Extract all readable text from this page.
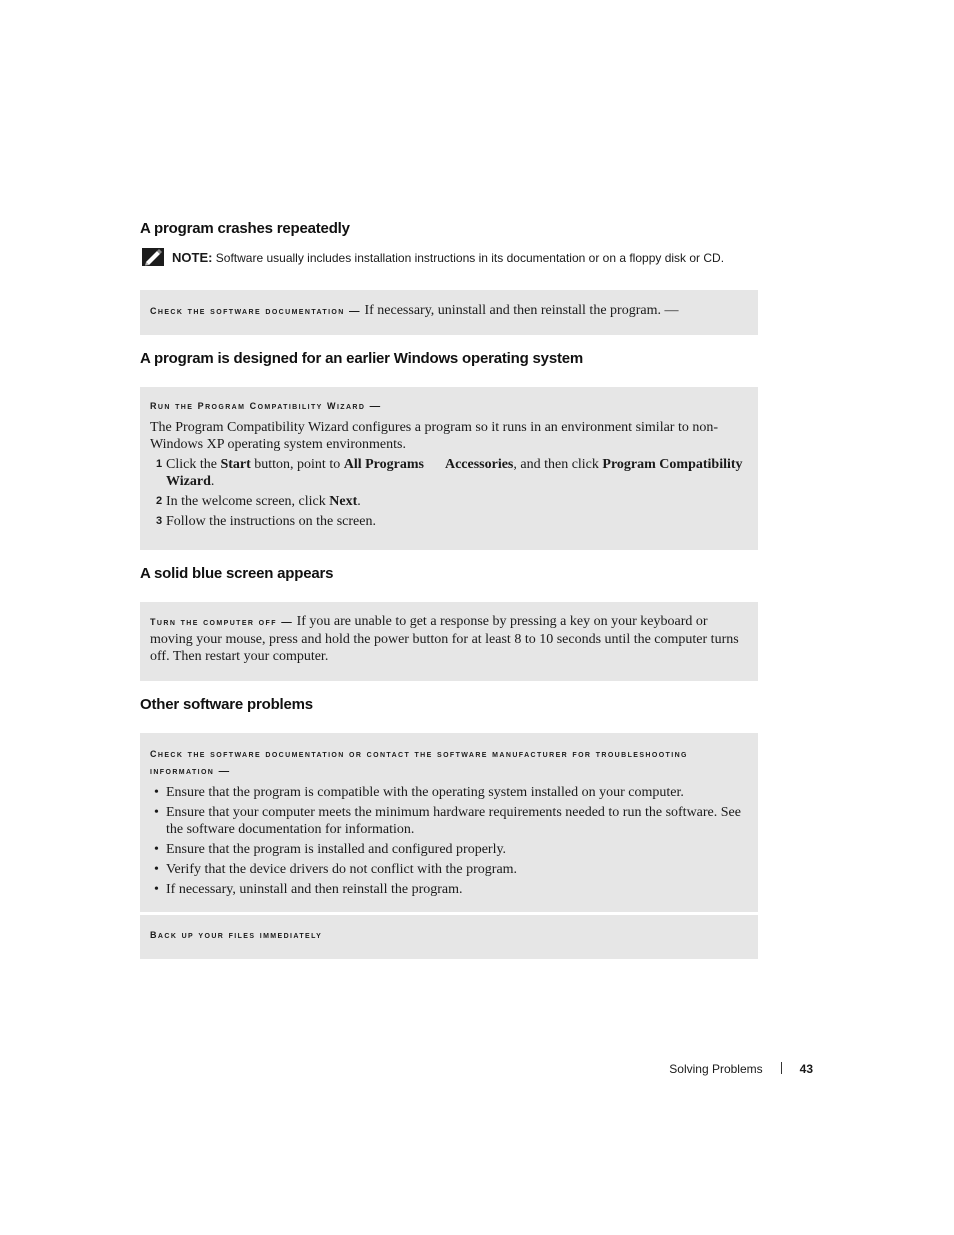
A program crashes repeatedly
NOTE: Software usually includes installation instructions in its documentation or on a floppy disk or CD.
check the software documentation — If necessary, uninstall and then reinstall the program. —
A program is designed for an earlier Windows operating system
run the program compatibility wizard —
The Program Compatibility Wizard configures a program so it runs in an environment similar to non-Windows XP operating system environments.
1 Click the Start button, point to All Programs → Accessories, and then click Program Compatibility Wizard.
2 In the welcome screen, click Next.
3 Follow the instructions on the screen.
A solid blue screen appears
turn the computer off — If you are unable to get a response by pressing a key on your keyboard or moving your mouse, press and hold the power button for at least 8 to 10 seconds until the computer turns off. Then restart your computer.
Other software problems
check the software documentation or contact the software manufacturer for troubleshooting information —
• Ensure that the program is compatible with the operating system installed on your computer.
• Ensure that your computer meets the minimum hardware requirements needed to run the software. See the software documentation for information.
• Ensure that the program is installed and configured properly.
• Verify that the device drivers do not conflict with the program.
• If necessary, uninstall and then reinstall the program.
back up your files immediately
Solving Problems	43
